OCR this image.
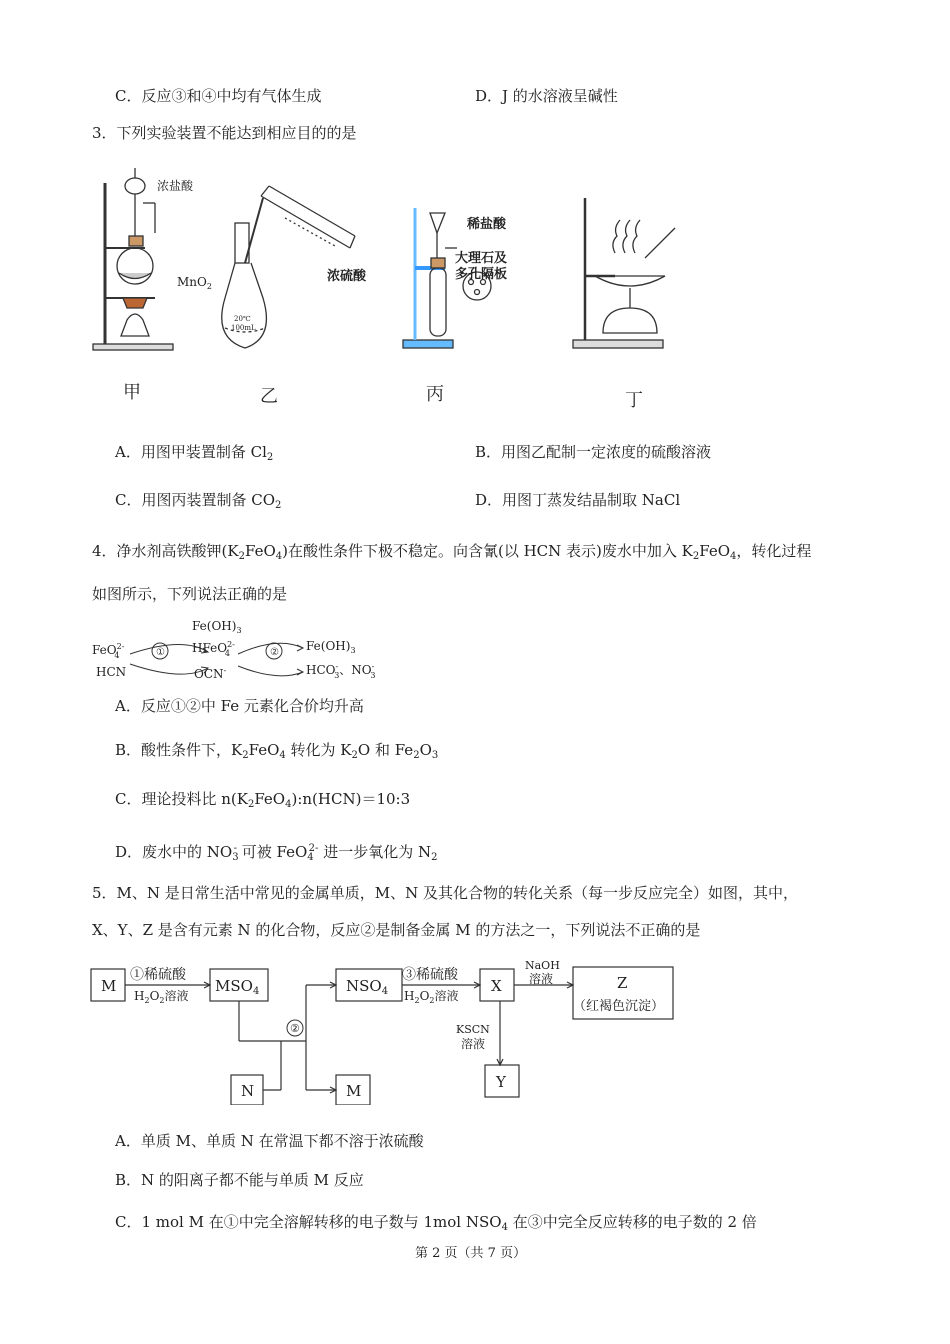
C．反应③和④中均有气体生成	D．J 的水溶液呈碱性
3．下列实验装置不能达到相应目的的是
浓盐酸
MnO$_2$
浓硫酸
20℃
100mL
稀盐酸
大理石及
多孔隔板
甲	乙	丙	丁
A．用图甲装置制备 $Cl_2$	B．用图乙配制一定浓度的硫酸溶液
C．用图丙装置制备 $CO_2$	D．用图丁蒸发结晶制取 NaCl
4．净水剂高铁酸钾$(K_2FeO_4)$在酸性条件下极不稳定。向含氰(以 HCN 表示)废水中加入 $K_2FeO_4$，转化过程
如图所示，下列说法正确的是
①	②
FeO$^{2-}$4
HCN
$Fe(OH)_3$
HFeO$^{2-}$4
OCN-
$Fe(OH)_3$
HCO-3、NO-3
A．反应①②中 Fe 元素化合价均升高
B．酸性条件下，$K_2FeO_4$ 转化为 $K_2O$ 和 $Fe_2O_3$
C．理论投料比 $n(K_2FeO_4):n(HCN)=10:3$
D．废水中的 $NO_3^-$ 可被 FeO$_4^{2-}$ 进一步氧化为 $N_2$
5．M、N 是日常生活中常见的金属单质，M、N 及其化合物的转化关系（每一步反应完全）如图，其中，
X、Y、Z 是含有元素 N 的化合物，反应②是制备金属 M 的方法之一，下列说法不正确的是
M
①稀硫酸
$H_2O_2$溶液
$MSO_4$
②
N	M
$NSO_4$
③稀硫酸
$H_2O_2$溶液
X
NaOH
溶液	Z
（红褐色沉淀）
KSCN
溶液
Y
A．单质 M、单质 N 在常温下都不溶于浓硫酸
B．N 的阳离子都不能与单质 M 反应
C．1 mol M 在①中完全溶解转移的电子数与 1mol $NSO_4$ 在③中完全反应转移的电子数的 2 倍
第 2 页（共 7 页）
